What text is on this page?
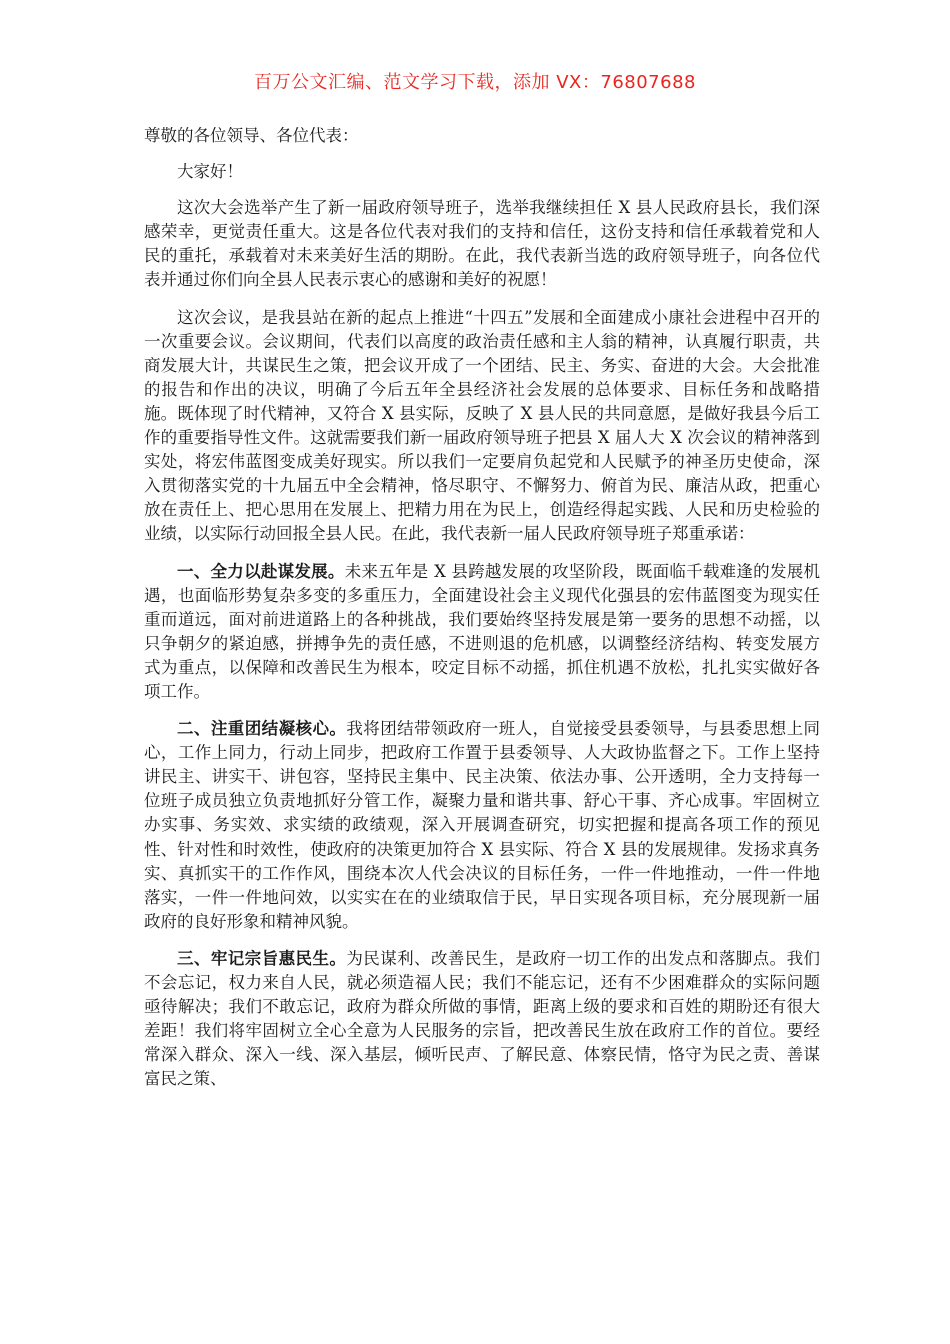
百万公文汇编、范文学习下载，添加 VX：76807688

尊敬的各位领导、各位代表：

大家好！

这次大会选举产生了新一届政府领导班子，选举我继续担任 X 县人民政府县长，我们深感荣幸，更觉责任重大。这是各位代表对我们的支持和信任，这份支持和信任承载着党和人民的重托，承载着对未来美好生活的期盼。在此，我代表新当选的政府领导班子，向各位代表并通过你们向全县人民表示衷心的感谢和美好的祝愿！

这次会议，是我县站在新的起点上推进“十四五”发展和全面建成小康社会进程中召开的一次重要会议。会议期间，代表们以高度的政治责任感和主人翁的精神，认真履行职责，共商发展大计，共谋民生之策，把会议开成了一个团结、民主、务实、奋进的大会。大会批准的报告和作出的决议，明确了今后五年全县经济社会发展的总体要求、目标任务和战略措施。既体现了时代精神，又符合 X 县实际，反映了 X 县人民的共同意愿，是做好我县今后工作的重要指导性文件。这就需要我们新一届政府领导班子把县 X 届人大 X 次会议的精神落到实处，将宏伟蓝图变成美好现实。所以我们一定要肩负起党和人民赋予的神圣历史使命，深入贯彻落实党的十九届五中全会精神，恪尽职守、不懈努力、俯首为民、廉洁从政，把重心放在责任上、把心思用在发展上、把精力用在为民上，创造经得起实践、人民和历史检验的业绩，以实际行动回报全县人民。在此，我代表新一届人民政府领导班子郑重承诺：

一、全力以赴谋发展。未来五年是 X 县跨越发展的攻坚阶段，既面临千载难逢的发展机遇，也面临形势复杂多变的多重压力，全面建设社会主义现代化强县的宏伟蓝图变为现实任重而道远，面对前进道路上的各种挑战，我们要始终坚持发展是第一要务的思想不动摇，以只争朝夕的紧迫感，拼搏争先的责任感，不进则退的危机感，以调整经济结构、转变发展方式为重点，以保障和改善民生为根本，咬定目标不动摇，抓住机遇不放松，扎扎实实做好各项工作。

二、注重团结凝核心。我将团结带领政府一班人，自觉接受县委领导，与县委思想上同心，工作上同力，行动上同步，把政府工作置于县委领导、人大政协监督之下。工作上坚持讲民主、讲实干、讲包容，坚持民主集中、民主决策、依法办事、公开透明，全力支持每一位班子成员独立负责地抓好分管工作，凝聚力量和谐共事、舒心干事、齐心成事。牢固树立办实事、务实效、求实绩的政绩观，深入开展调查研究，切实把握和提高各项工作的预见性、针对性和时效性，使政府的决策更加符合 X 县实际、符合 X 县的发展规律。发扬求真务实、真抓实干的工作作风，围绕本次人代会决议的目标任务，一件一件地推动，一件一件地落实，一件一件地问效，以实实在在的业绩取信于民，早日实现各项目标，充分展现新一届政府的良好形象和精神风貌。

三、牢记宗旨惠民生。为民谋利、改善民生，是政府一切工作的出发点和落脚点。我们不会忘记，权力来自人民，就必须造福人民；我们不能忘记，还有不少困难群众的实际问题亟待解决；我们不敢忘记，政府为群众所做的事情，距离上级的要求和百姓的期盼还有很大差距！我们将牢固树立全心全意为人民服务的宗旨，把改善民生放在政府工作的首位。要经常深入群众、深入一线、深入基层，倾听民声、了解民意、体察民情，恪守为民之责、善谋富民之策、
